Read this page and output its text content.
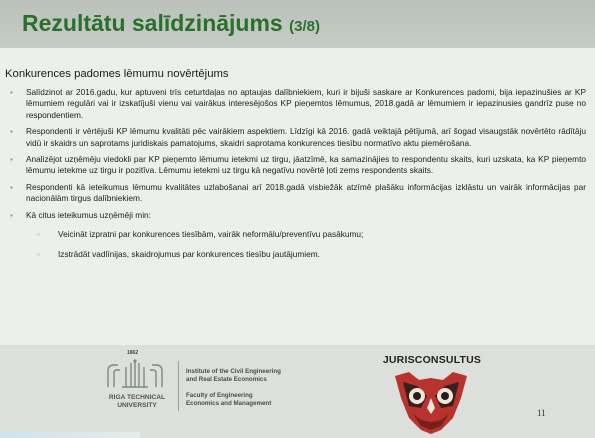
Rezultātu salīdzinājums (3/8)
Konkurences padomes lēmumu novērtējums
▪ Salīdzinot ar 2016.gadu, kur aptuveni trīs ceturtdaļas no aptaujas dalībniekiem, kuri ir bijuši saskare ar Konkurences padomi, bija iepazinušies ar KP lēmumiem regulāri vai ir izskatījuši vienu vai vairākus interesējošos KP pieņemtos lēmumus, 2018.gadā ar lēmumiem ir iepazinusies gandrīz puse no respondentiem.
▪ Respondenti ir vērtējuši KP lēmumu kvalitāti pēc vairākiem aspektiem. Līdzīgi kā 2016. gadā veiktajā pētījumā, arī šogad visaugstāk novērtēto rādītāju vidū ir skaidrs un saprotams juridiskais pamatojums, skaidri saprotama konkurences tiesību normatīvo aktu piemērošana.
▪ Analizējot uzņēmēju viedokli par KP pieņemto lēmumu ietekmi uz tirgu, jāatzīmē, ka samazinājies to respondentu skaits, kuri uzskata, ka KP pieņemto lēmumu ietekme uz tirgu ir pozitīva. Lēmumu ietekmi uz tirgu kā negatīvu novērtē ļoti zems respondents skaits.
▪ Respondenti kā ieteikumus lēmumu kvalitātes uzlabošanai arī 2018.gadā visbiežāk atzīmē plašāku informācijas izklāstu un vairāk informācijas par nacionālām tirgus dalībniekiem.
▪ Kā citus ieteikumus uzņēmēji min:
▫ Veicināt izpratni par konkurences tiesībām, vairāk neformālu/preventīvu pasākumu;
▫ Izstrādāt vadlīnijas, skaidrojumus par konkurences tiesību jautājumiem.
1862
RIGA TECHNICAL
UNIVERSITY
Institute of the Civil Engineering
and Real Estate Economics
Faculty of Engineering
Economics and Management
JURISCONSULTUS
11
